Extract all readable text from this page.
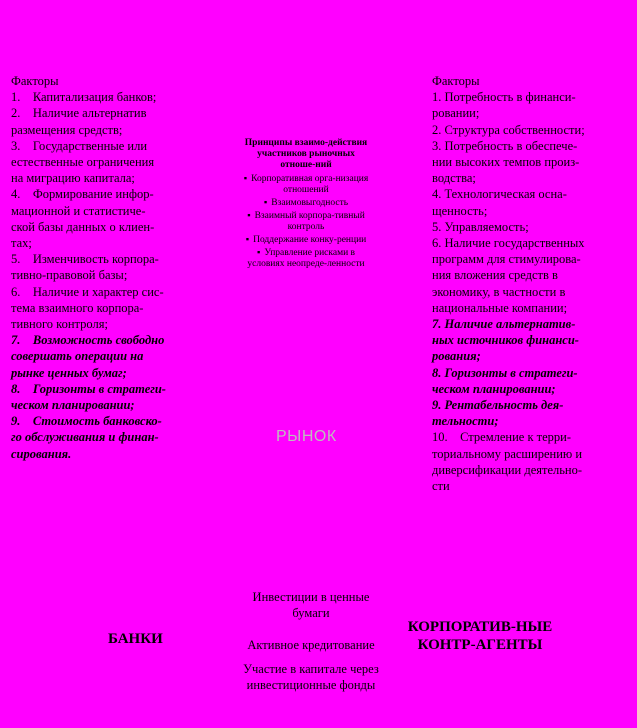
Факторы
1.    Капитализация банков;
2.    Наличие альтернатив
размещения средств;
3.    Государственные или
естественные ограничения
на миграцию капитала;
4.    Формирование инфор-
мационной и статистиче-
ской базы данных о клиен-
тах;
5.    Изменчивость корпора-
тивно-правовой базы;
6.    Наличие и характер сис-
тема взаимного корпора-
тивного контроля;
7.    Возможность свободно
совершать операции на
рынке ценных бумаг;
8.    Горизонты в стратеги-
ческом планировании;
9.    Стоимость банковско-
го обслуживания и финан-
сирования.
Принципы взаимо-действия участников рыночных отноше-ний
▪ Корпоративная орга-низация отношений
▪ Взаимовыгодность
▪ Взаимный корпора-тивный контроль
▪ Поддержание конку-ренции
▪ Управление рисками в условиях неопреде-ленности
РЫНОК
Факторы
1. Потребность в финанси-
ровании;
2. Структура собственности;
3. Потребность в обеспече-
нии высоких темпов произ-
водства;
4. Технологическая осна-
щенность;
5. Управляемость;
6. Наличие государственных
программ для стимулирова-
ния вложения средств в
экономику, в частности в
национальные компании;
7. Наличие альтернатив-
ных источников финанси-
рования;
8. Горизонты в стратеги-
ческом планировании;
9. Рентабельность дея-
тельности;
10.    Стремление к терри-
ториальному расширению и
диверсификации деятельно-
сти
Инвестиции в ценные бумаги
Активное кредитование
Участие в капитале через инвестиционные фонды
БАНКИ
КОРПОРАТИВ-НЫЕ КОНТР-АГЕНТЫ
